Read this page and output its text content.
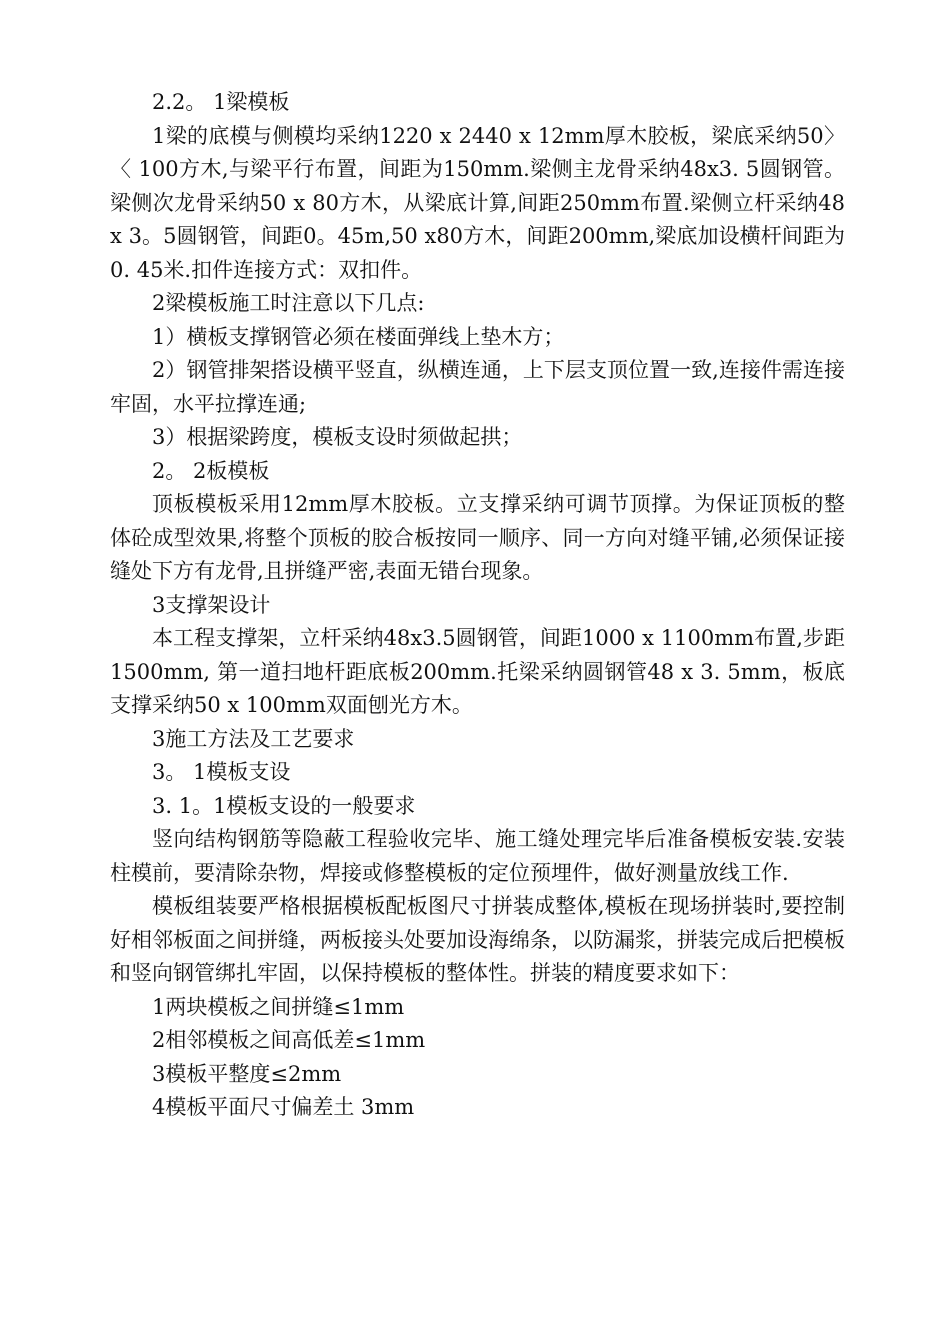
2.2。 1梁模板

1梁的底模与侧模均采纳1220 x 2440 x 12mm厚木胶板，梁底采纳50〉〈 100方木,与梁平行布置，间距为150mm.梁侧主龙骨采纳48x3. 5圆钢管。梁侧次龙骨采纳50 x 80方木，从梁底计算,间距250mm布置.梁侧立杆采纳48 x 3。5圆钢管，间距0。45m,50 x80方木，间距200mm,梁底加设横杆间距为0. 45米.扣件连接方式：双扣件。

2梁模板施工时注意以下几点:

1）横板支撑钢管必须在楼面弹线上垫木方；

2）钢管排架搭设横平竖直，纵横连通，上下层支顶位置一致,连接件需连接牢固，水平拉撑连通;

3）根据梁跨度，模板支设时须做起拱；

2。 2板模板

顶板模板采用12mm厚木胶板。立支撑采纳可调节顶撑。为保证顶板的整体砼成型效果,将整个顶板的胶合板按同一顺序、同一方向对缝平铺,必须保证接缝处下方有龙骨,且拼缝严密,表面无错台现象。

3支撑架设计

本工程支撑架，立杆采纳48x3.5圆钢管，间距1000 x 1100mm布置,步距1500mm, 第一道扫地杆距底板200mm.托梁采纳圆钢管48 x 3. 5mm，板底支撑采纳50 x 100mm双面刨光方木。

3施工方法及工艺要求

3。 1模板支设

3. 1。1模板支设的一般要求

竖向结构钢筋等隐蔽工程验收完毕、施工缝处理完毕后准备模板安装.安装柱模前，要清除杂物，焊接或修整模板的定位预埋件，做好测量放线工作.

模板组装要严格根据模板配板图尺寸拼装成整体,模板在现场拼装时,要控制好相邻板面之间拼缝，两板接头处要加设海绵条，以防漏浆，拼装完成后把模板和竖向钢管绑扎牢固，以保持模板的整体性。拼装的精度要求如下：

1两块模板之间拼缝≤1mm

2相邻模板之间高低差≤1mm

3模板平整度≤2mm

4模板平面尺寸偏差土 3mm
